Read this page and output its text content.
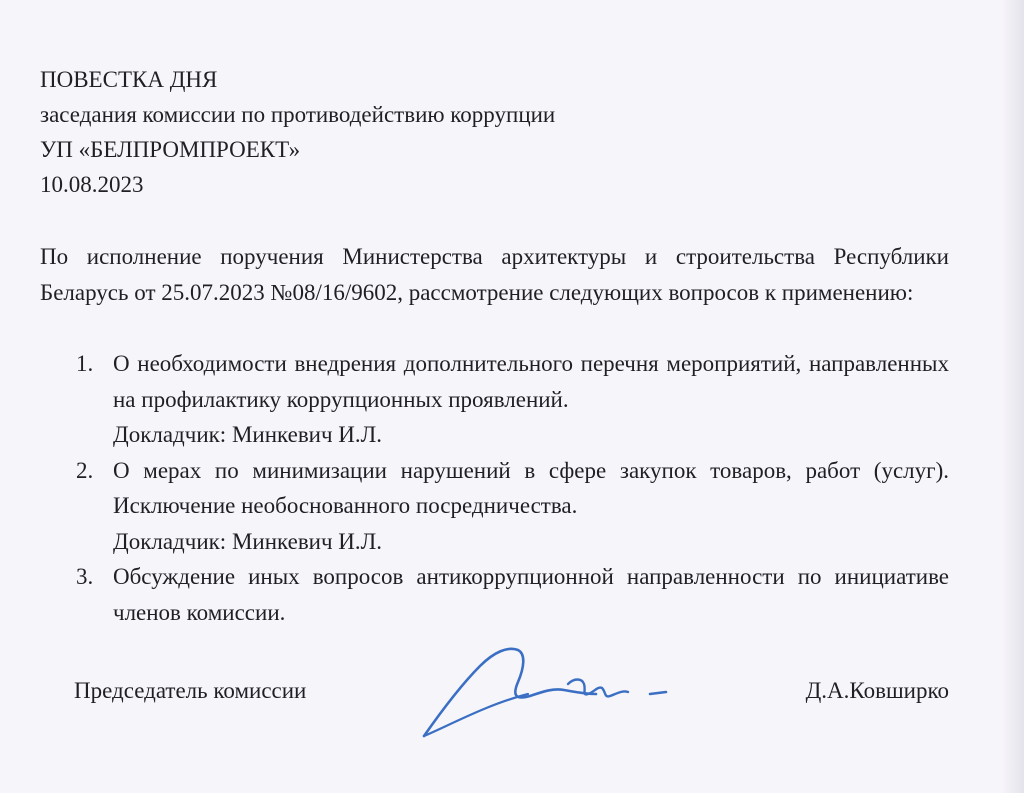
ПОВЕСТКА ДНЯ
заседания комиссии по противодействию коррупции
УП «БЕЛПРОМПРОЕКТ»
10.08.2023
По исполнение поручения Министерства архитектуры и строительства Республики Беларусь от 25.07.2023 №08/16/9602, рассмотрение следующих вопросов к применению:
1. О необходимости внедрения дополнительного перечня мероприятий, направленных на профилактику коррупционных проявлений.
Докладчик: Минкевич И.Л.
2. О мерах по минимизации нарушений в сфере закупок товаров, работ (услуг). Исключение необоснованного посредничества.
Докладчик: Минкевич И.Л.
3. Обсуждение иных вопросов антикоррупционной направленности по инициативе членов комиссии.
Председатель комиссии	Д.А.Ковширко
